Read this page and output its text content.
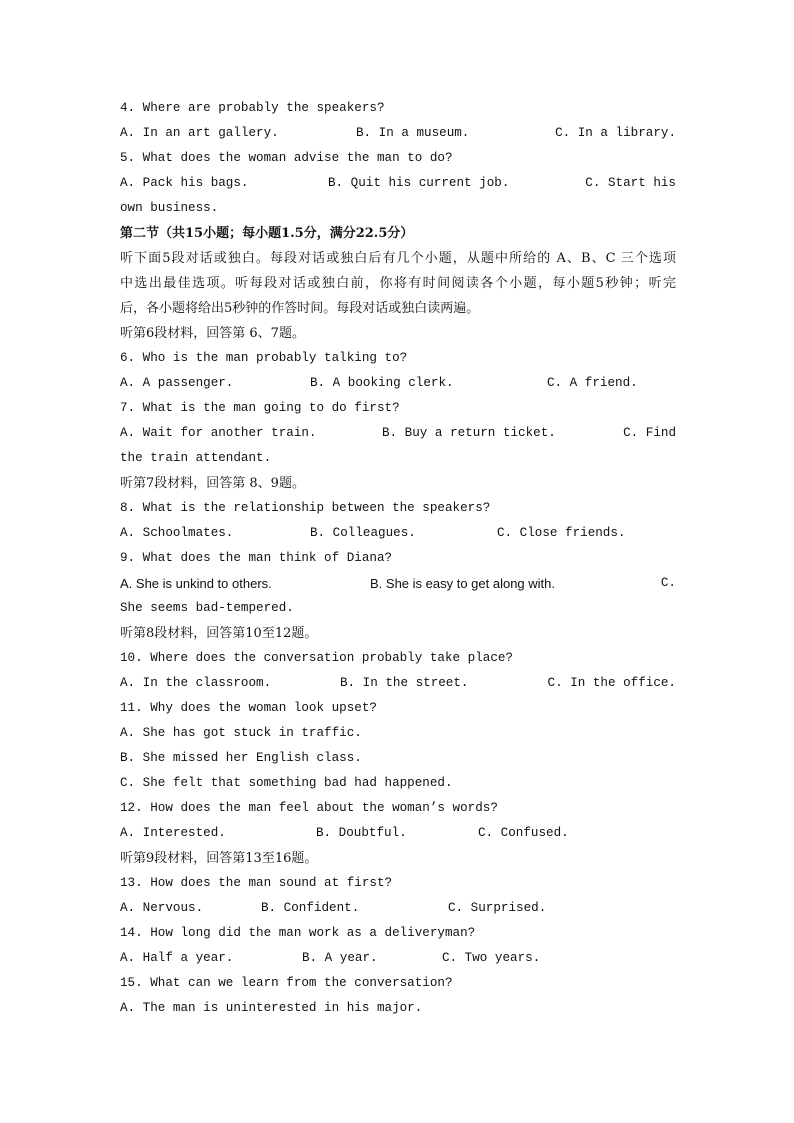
4. Where are probably the speakers?
A. In an art gallery.	B. In a museum.	C. In a library.
5. What does the woman advise the man to do?
A. Pack his bags.	B. Quit his current job.	C. Start his
own business.
第二节（共15小题；每小题1.5分，满分22.5分）
听下面5段对话或独白。每段对话或独白后有几个小题，从题中所给的 A、B、C 三个选项
中选出最佳选项。听每段对话或独白前，你将有时间阅读各个小题，每小题5秒钟；听完
后，各小题将给出5秒钟的作答时间。每段对话或独白读两遍。
听第6段材料，回答第 6、7题。
6. Who is the man probably talking to?
A. A passenger.	B. A booking clerk.	C. A friend.
7. What is the man going to do first?
A. Wait for another train.	B. Buy a return ticket.	C. Find
the train attendant.
听第7段材料，回答第 8、9题。
8. What is the relationship between the speakers?
A. Schoolmates.	B. Colleagues.	C. Close friends.
9. What does the man think of Diana?
A. She is unkind to others.	B. She is easy to get along with.	C.
She seems bad-tempered.
听第8段材料，回答第10至12题。
10. Where does the conversation probably take place?
A. In the classroom.	B. In the street.	C. In the office.
11. Why does the woman look upset?
A. She has got stuck in traffic.
B. She missed her English class.
C. She felt that something bad had happened.
12. How does the man feel about the woman’s words?
A. Interested.	B. Doubtful.	C. Confused.
听第9段材料，回答第13至16题。
13. How does the man sound at first?
A. Nervous.	B. Confident.	C. Surprised.
14. How long did the man work as a deliveryman?
A. Half a year.	B. A year.	C. Two years.
15. What can we learn from the conversation?
A. The man is uninterested in his major.
